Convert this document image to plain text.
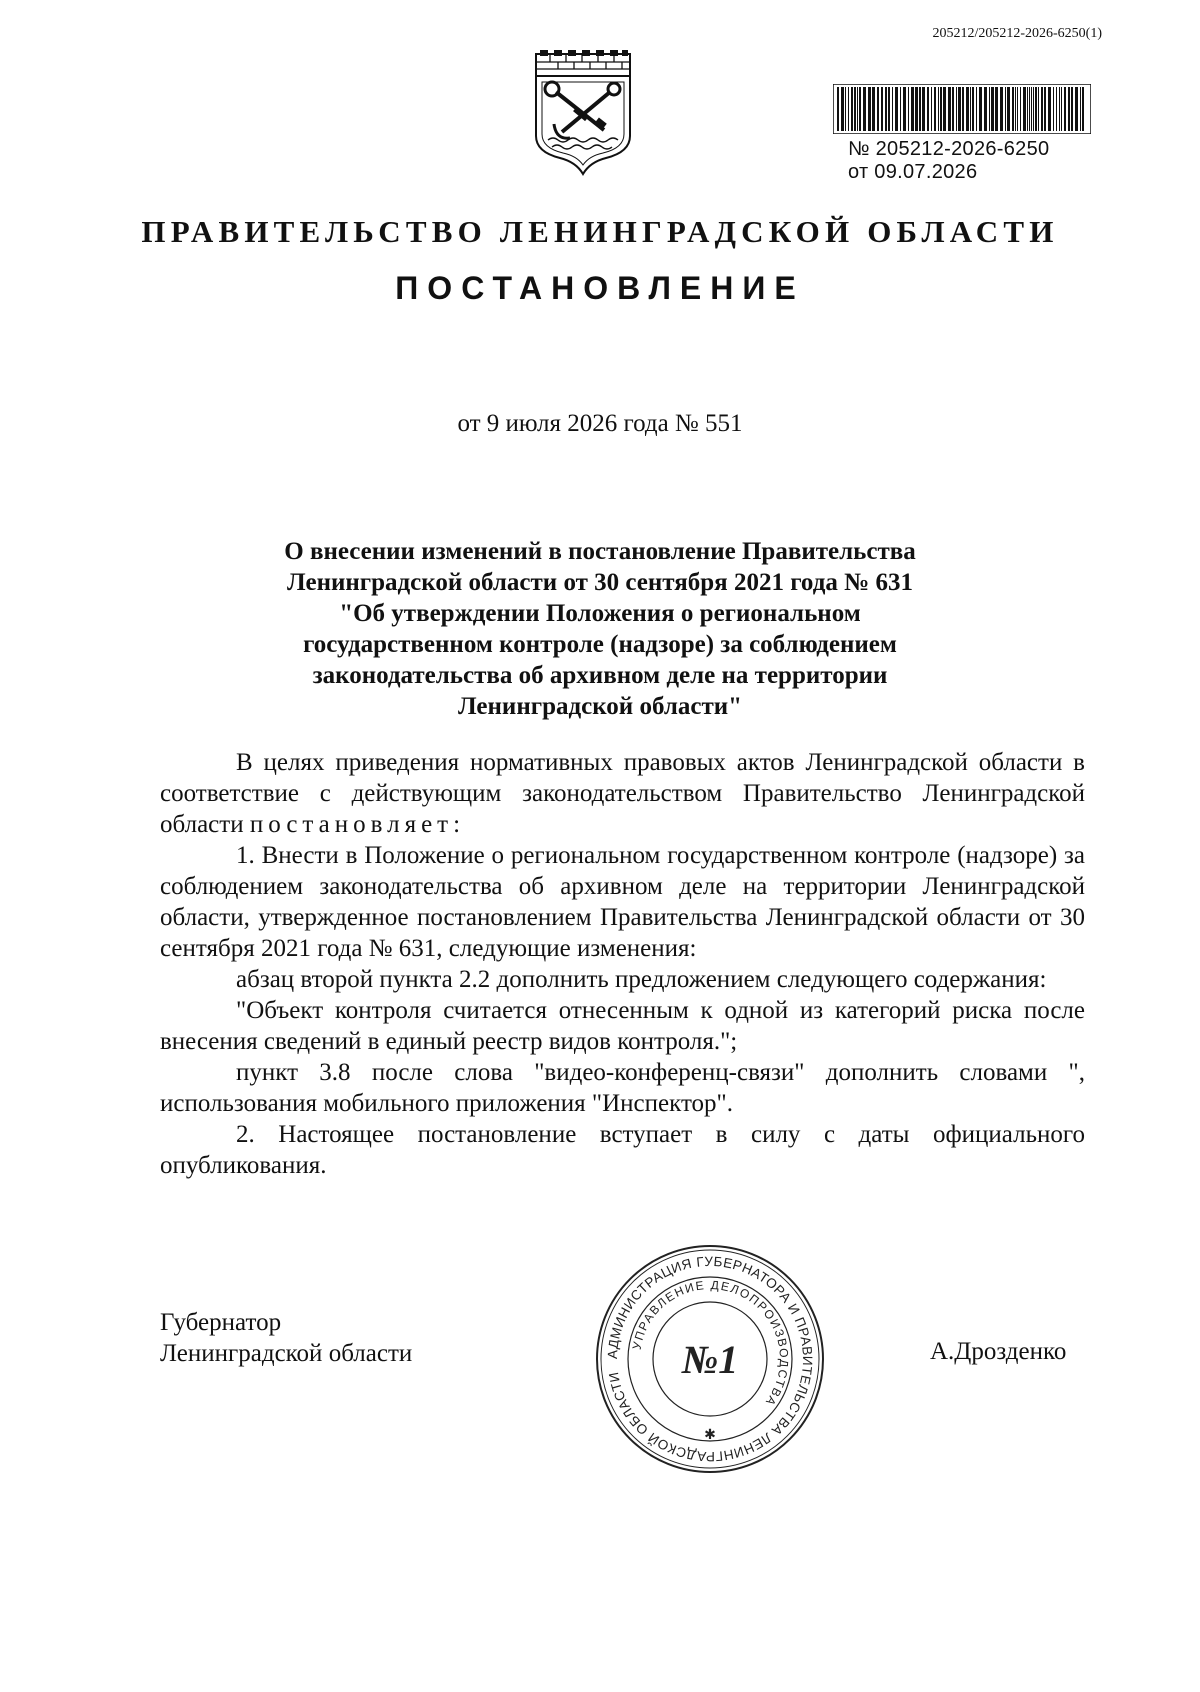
205212/205212-2026-6250(1)
№ 205212-2026-6250
от 09.07.2026
ПРАВИТЕЛЬСТВО ЛЕНИНГРАДСКОЙ ОБЛАСТИ
ПОСТАНОВЛЕНИЕ
от 9 июля 2026 года № 551
О внесении изменений в постановление Правительства
Ленинградской области от 30 сентября 2021 года № 631
"Об утверждении Положения о региональном
государственном контроле (надзоре) за соблюдением
законодательства об архивном деле на территории
Ленинградской области"

В целях приведения нормативных правовых актов Ленинградской области в соответствие с действующим законодательством Правительство Ленинградской области постановляет:

1. Внести в Положение о региональном государственном контроле (надзоре) за соблюдением законодательства об архивном деле на территории Ленинградской области, утвержденное постановлением Правительства Ленинградской области от 30 сентября 2021 года № 631, следующие изменения:

абзац второй пункта 2.2 дополнить предложением следующего содержания:

"Объект контроля считается отнесенным к одной из категорий риска после внесения сведений в единый реестр видов контроля.";

пункт 3.8 после слова "видео-конференц-связи" дополнить словами ", использования мобильного приложения "Инспектор".

2. Настоящее постановление вступает в силу с даты официального опубликования.

Губернатор
Ленинградской области	А.Дрозденко
АДМИНИСТРАЦИЯ ГУБЕРНАТОРА И ПРАВИТЕЛЬСТВА ЛЕНИНГРАДСКОЙ ОБЛАСТИ
УПРАВЛЕНИЕ ДЕЛОПРОИЗВОДСТВА
№1
✱
